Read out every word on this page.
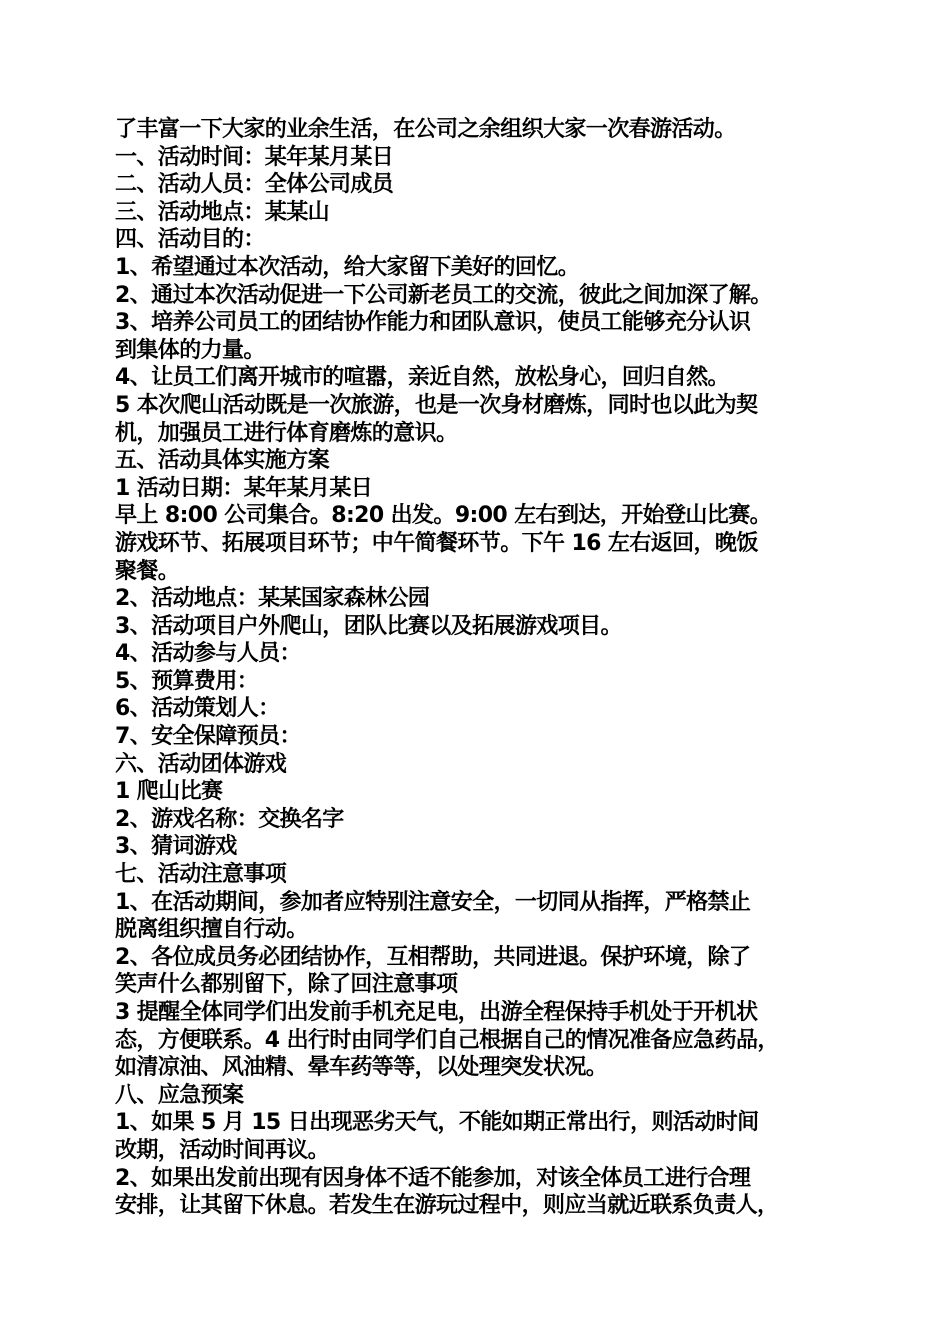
了丰富一下大家的业余生活，在公司之余组织大家一次春游活动。

一、活动时间：某年某月某日

二、活动人员：全体公司成员

三、活动地点：某某山

四、活动目的：

1、希望通过本次活动，给大家留下美好的回忆。

2、通过本次活动促进一下公司新老员工的交流，彼此之间加深了解。

3、培养公司员工的团结协作能力和团队意识，使员工能够充分认识

到集体的力量。

4、让员工们离开城市的喧嚣，亲近自然，放松身心，回归自然。

5 本次爬山活动既是一次旅游，也是一次身材磨炼，同时也以此为契

机，加强员工进行体育磨炼的意识。

五、活动具体实施方案

1 活动日期：某年某月某日

早上 8:00 公司集合。8:20 出发。9:00 左右到达，开始登山比赛。

游戏环节、拓展项目环节；中午简餐环节。下午 16 左右返回，晚饭

聚餐。

2、活动地点：某某国家森林公园

3、活动项目户外爬山，团队比赛以及拓展游戏项目。

4、活动参与人员：

5、预算费用：

6、活动策划人：

7、安全保障预员：

六、活动团体游戏

1 爬山比赛

2、游戏名称：交换名字

3、猜词游戏

七、活动注意事项

1、在活动期间，参加者应特别注意安全，一切同从指挥，严格禁止

脱离组织擅自行动。

2、各位成员务必团结协作，互相帮助，共同进退。保护环境，除了

笑声什么都别留下，除了回注意事项

3 提醒全体同学们出发前手机充足电，出游全程保持手机处于开机状

态，方便联系。4 出行时由同学们自己根据自己的情况准备应急药品，

如清凉油、风油精、晕车药等等，以处理突发状况。

八、应急预案

1、如果 5 月 15 日出现恶劣天气，不能如期正常出行，则活动时间

改期，活动时间再议。

2、如果出发前出现有因身体不适不能参加，对该全体员工进行合理

安排，让其留下休息。若发生在游玩过程中，则应当就近联系负责人，
